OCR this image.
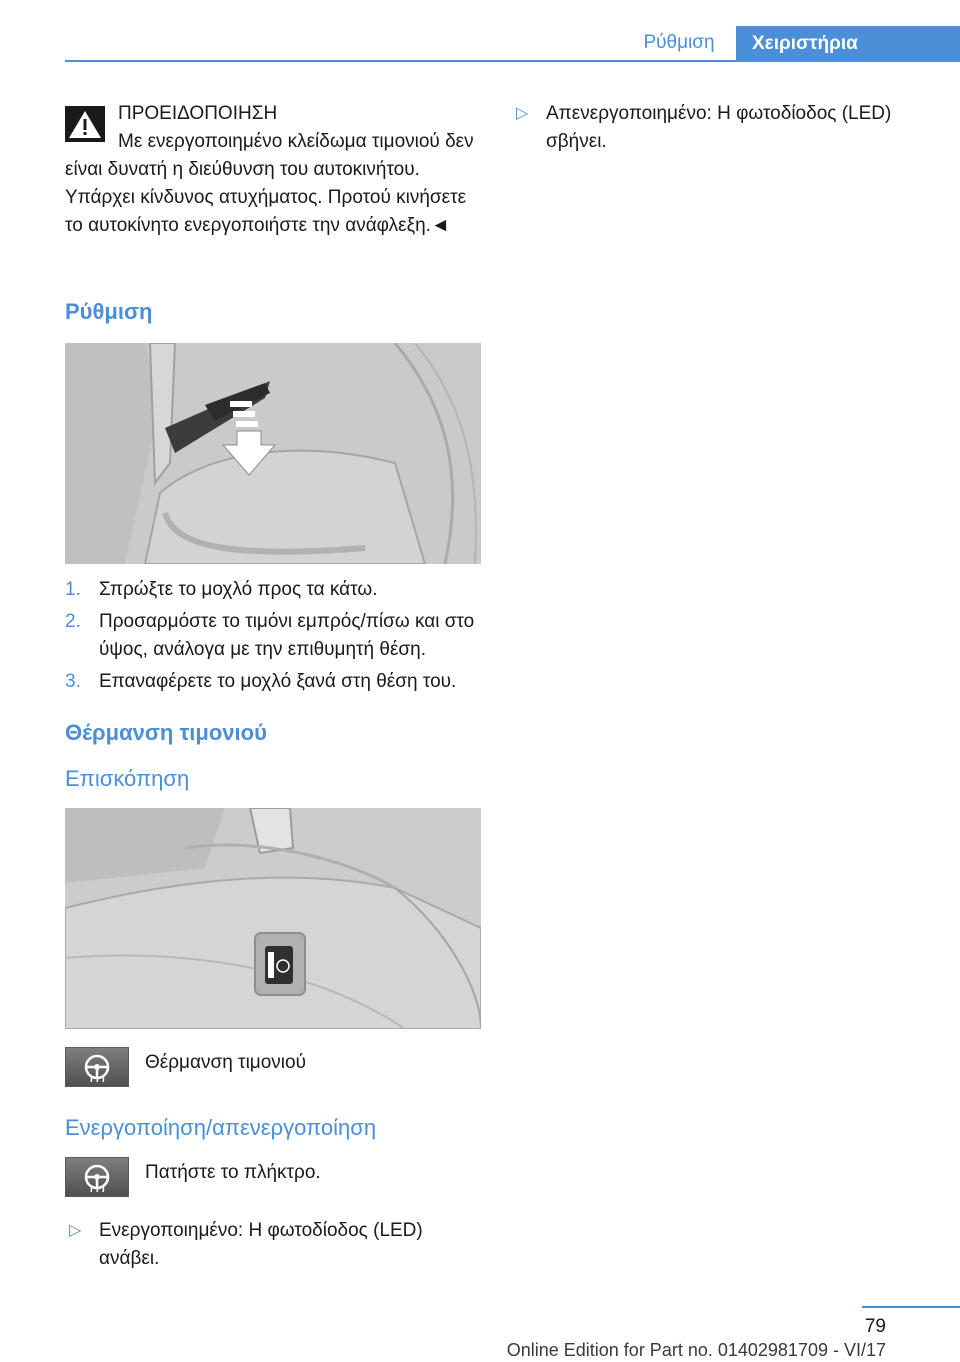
Ρύθμιση Χειριστήρια
ΠΡΟΕΙΔΟΠΟΙΗΣΗ

Με ενεργοποιημένο κλείδωμα τιμονιού δεν είναι δυνατή η διεύθυνση του αυτοκινήτου. Υπάρχει κίνδυνος ατυχήματος. Προτού κινήσετε το αυτοκίνητο ενεργοποιήστε την ανάφλεξη.◄

Ρύθμιση
1. Σπρώξτε το μοχλό προς τα κάτω.
2. Προσαρμόστε το τιμόνι εμπρός/πίσω και στο ύψος, ανάλογα με την επιθυμητή θέση.
3. Επαναφέρετε το μοχλό ξανά στη θέση του.
Θέρμανση τιμονιού
Επισκόπηση
Θέρμανση τιμονιού
Ενεργοποίηση/απενεργοποίηση
Πατήστε το πλήκτρο.
▷ Ενεργοποιημένο: Η φωτοδίοδος (LED) ανάβει.
▷ Απενεργοποιημένο: Η φωτοδίοδος (LED) σβήνει.
79
Online Edition for Part no. 01402981709 - VI/17
